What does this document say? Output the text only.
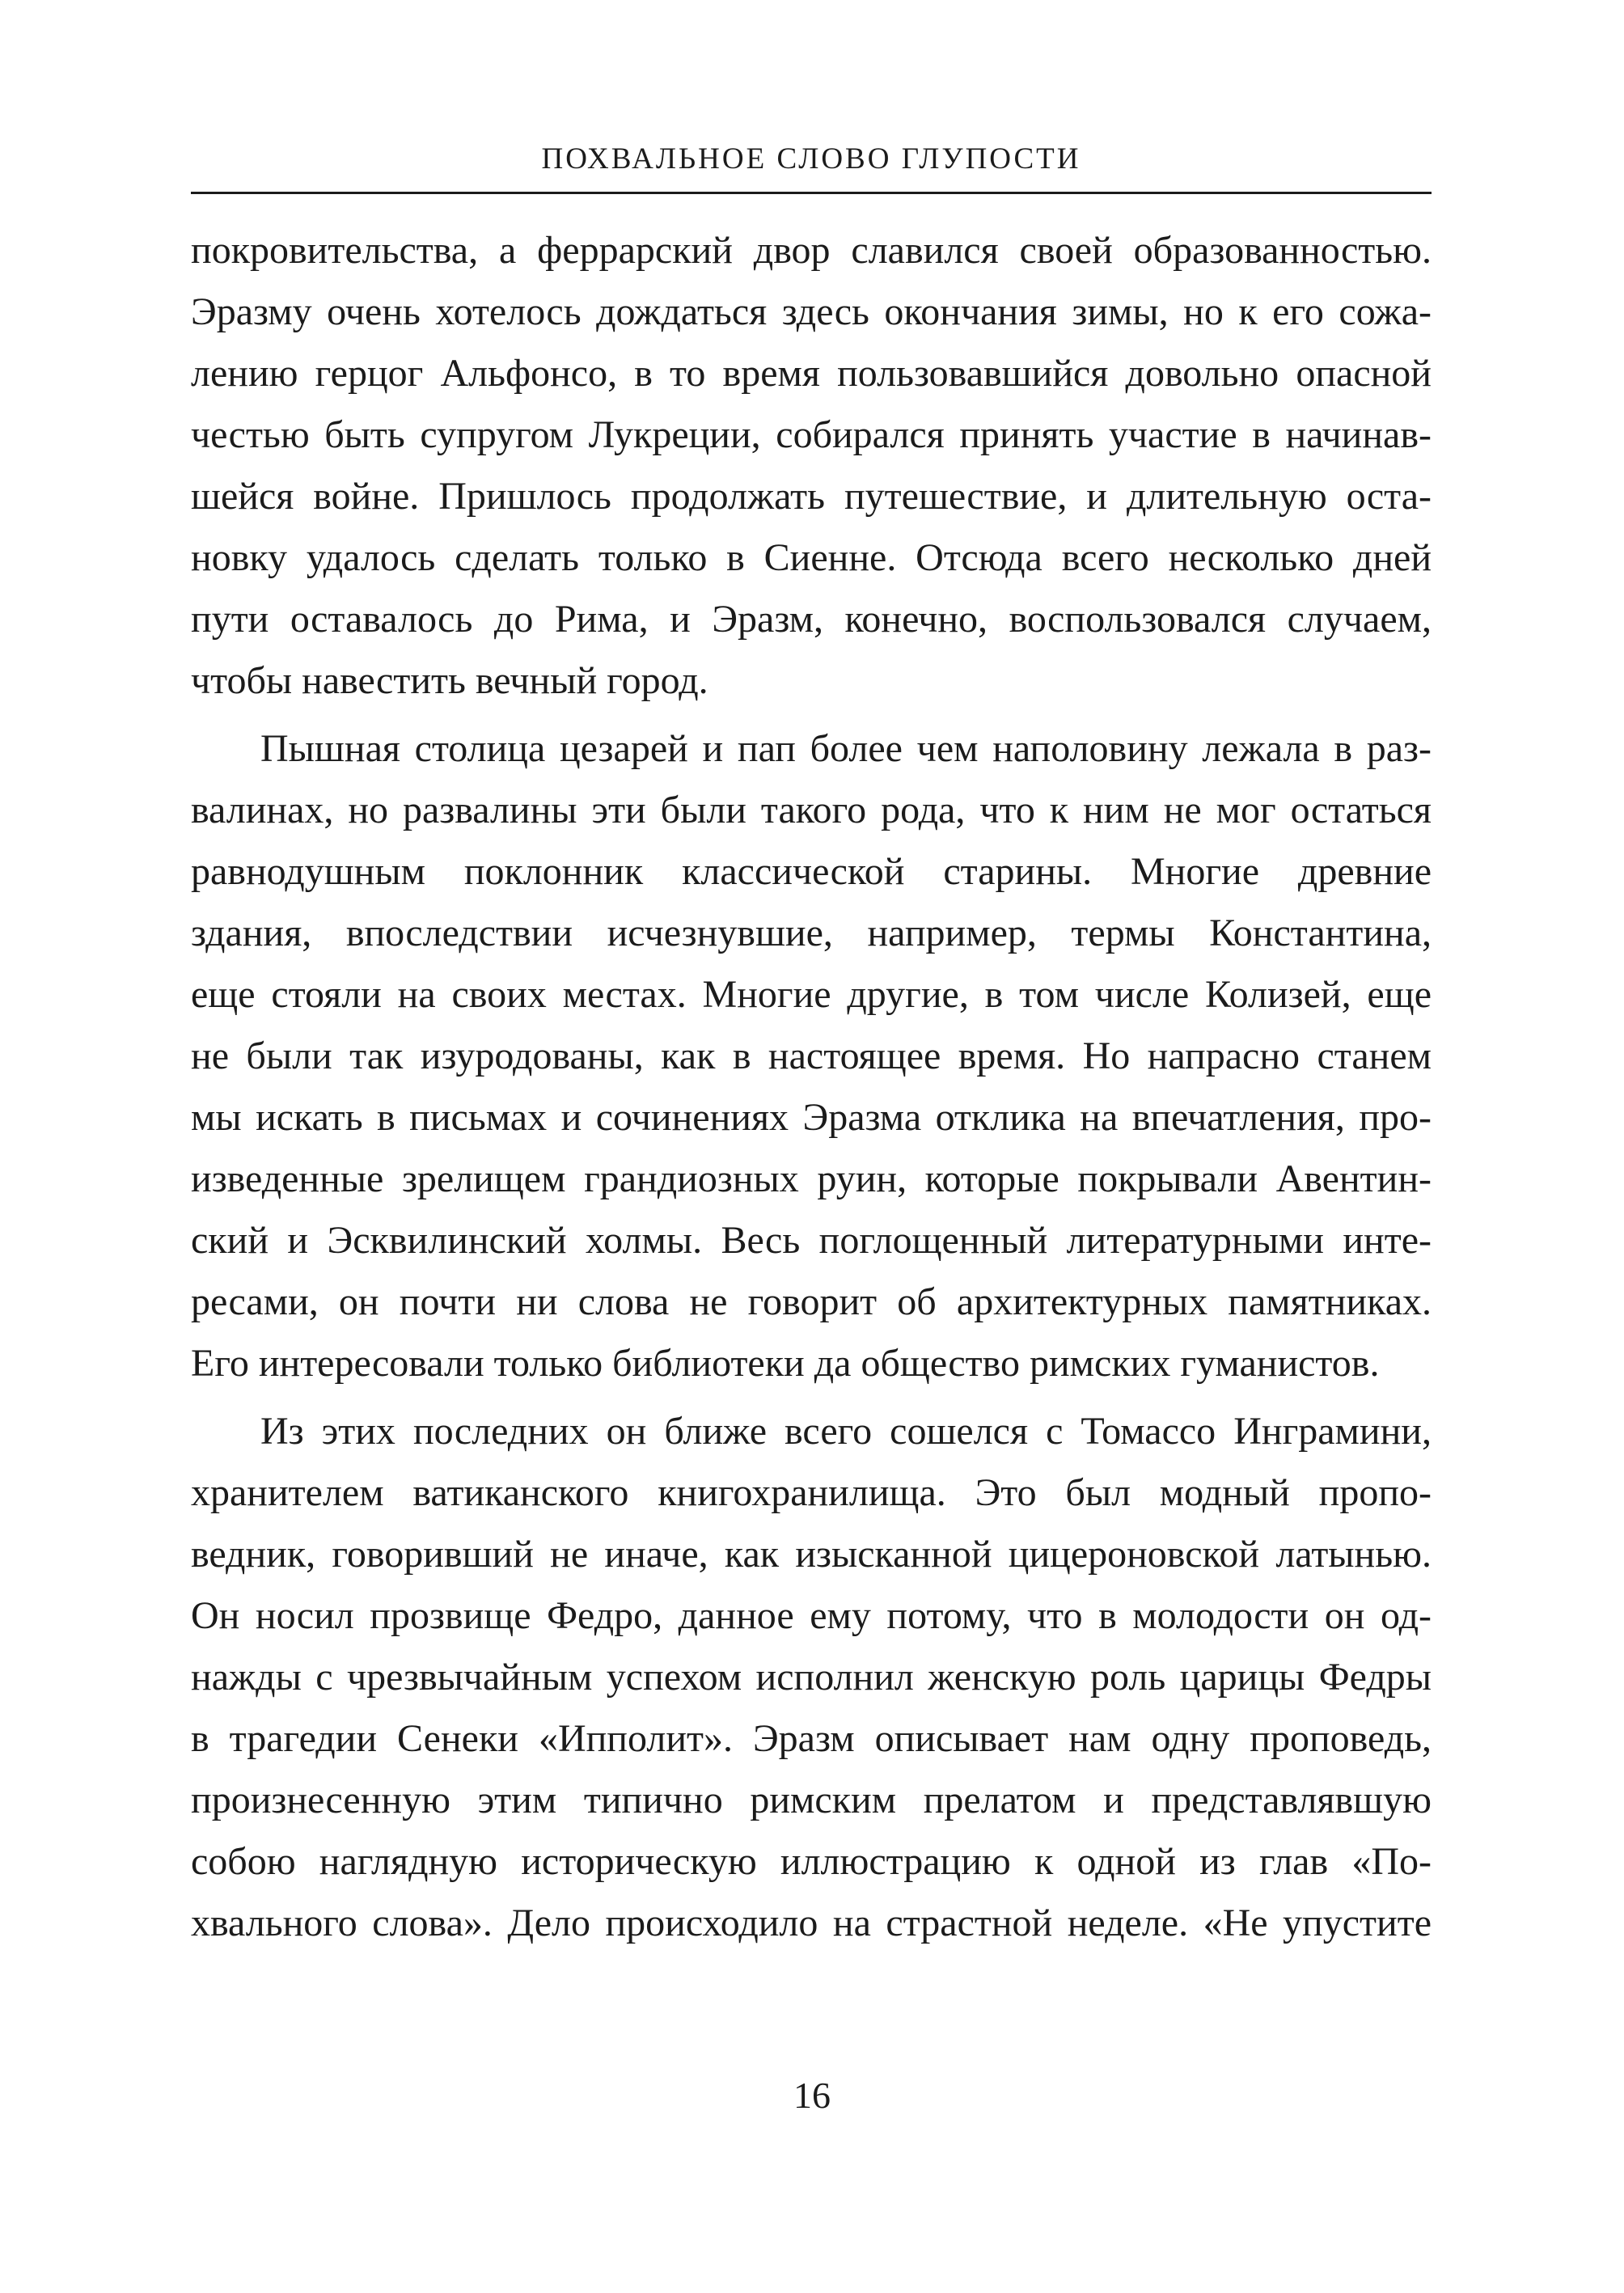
ПОХВАЛЬНОЕ СЛОВО ГЛУПОСТИ
покровительства, а феррарский двор славился своей образованностью.
Эразму очень хотелось дождаться здесь окончания зимы, но к его сожа-
лению герцог Альфонсо, в то время пользовавшийся довольно опасной
честью быть супругом Лукреции, собирался принять участие в начинав-
шейся войне. Пришлось продолжать путешествие, и длительную оста-
новку удалось сделать только в Сиенне. Отсюда всего несколько дней
пути оставалось до Рима, и Эразм, конечно, воспользовался случаем,
чтобы навестить вечный город.
Пышная столица цезарей и пап более чем наполовину лежала в раз-
валинах, но развалины эти были такого рода, что к ним не мог остаться
равнодушным поклонник классической старины. Многие древние
здания, впоследствии исчезнувшие, например, термы Константина,
еще стояли на своих местах. Многие другие, в том числе Колизей, еще
не были так изуродованы, как в настоящее время. Но напрасно станем
мы искать в письмах и сочинениях Эразма отклика на впечатления, про-
изведенные зрелищем грандиозных руин, которые покрывали Авентин-
ский и Эсквилинский холмы. Весь поглощенный литературными инте-
ресами, он почти ни слова не говорит об архитектурных памятниках.
Его интересовали только библиотеки да общество римских гуманистов.
Из этих последних он ближе всего сошелся с Томассо Инграмини,
хранителем ватиканского книгохранилища. Это был модный пропо-
ведник, говоривший не иначе, как изысканной цицероновской латынью.
Он носил прозвище Федро, данное ему потому, что в молодости он од-
нажды с чрезвычайным успехом исполнил женскую роль царицы Федры
в трагедии Сенеки «Ипполит». Эразм описывает нам одну проповедь,
произнесенную этим типично римским прелатом и представлявшую
собою наглядную историческую иллюстрацию к одной из глав «По-
хвального слова». Дело происходило на страстной неделе. «Не упустите
16
